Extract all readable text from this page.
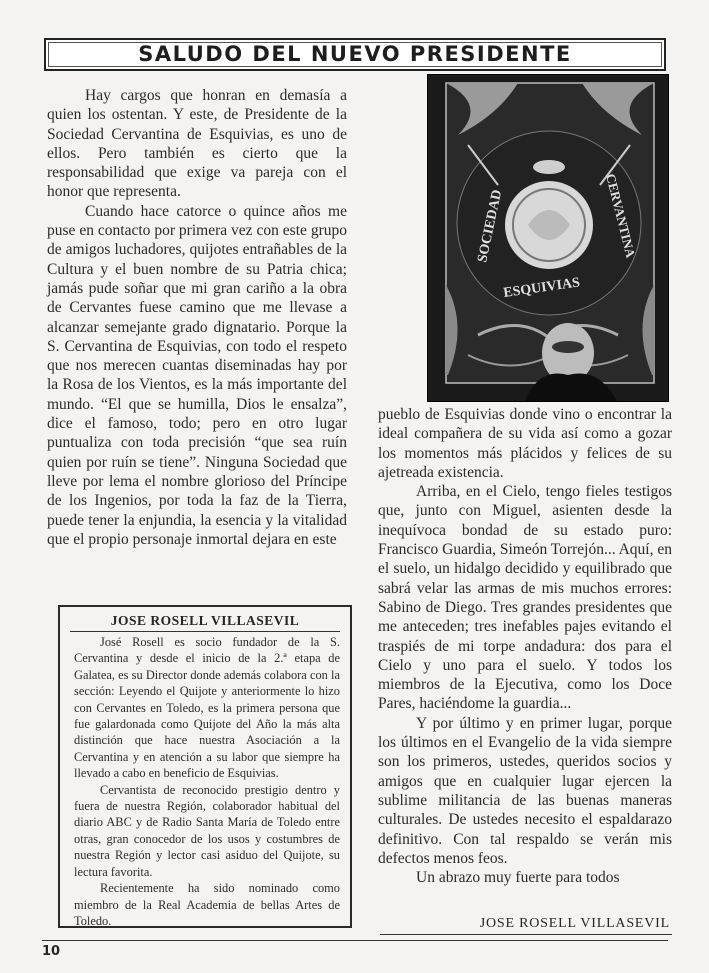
SALUDO DEL NUEVO PRESIDENTE

Hay cargos que honran en demasía a quien los ostentan. Y este, de Presidente de la Sociedad Cervantina de Esquivias, es uno de ellos. Pero también es cierto que la responsabilidad que exige va pareja con el honor que representa.

Cuando hace catorce o quince años me puse en contacto por primera vez con este grupo de amigos luchadores, quijotes entrañables de la Cultura y el buen nombre de su Patria chica; jamás pude soñar que mi gran cariño a la obra de Cervantes fuese camino que me llevase a alcanzar semejante grado dignatario. Porque la S. Cervantina de Esquivias, con todo el respeto que nos merecen cuantas diseminadas hay por la Rosa de los Vientos, es la más importante del mundo. “El que se humilla, Dios le ensalza”, dice el famoso, todo; pero en otro lugar puntualiza con toda precisión “que sea ruín quien por ruín se tiene”. Ninguna Sociedad que lleve por lema el nombre glorioso del Príncipe de los Ingenios, por toda la faz de la Tierra, puede tener la enjundia, la esencia y la vitalidad que el propio personaje inmortal dejara en este

SOCIEDAD	CERVANTINA
ESQUIVIAS

pueblo de Esquivias donde vino o encontrar la ideal compañera de su vida así como a gozar los momentos más plácidos y felices de su ajetreada existencia.

Arriba, en el Cielo, tengo fieles testigos que, junto con Miguel, asienten desde la inequívoca bondad de su estado puro: Francisco Guardia, Simeón Torrejón... Aquí, en el suelo, un hidalgo decidido y equilibrado que sabrá velar las armas de mis muchos errores: Sabino de Diego. Tres grandes presidentes que me anteceden; tres inefables pajes evitando el traspiés de mi torpe andadura: dos para el Cielo y uno para el suelo. Y todos los miembros de la Ejecutiva, como los Doce Pares, haciéndome la guardia...

Y por último y en primer lugar, porque los últimos en el Evangelio de la vida siempre son los primeros, ustedes, queridos socios y amigos que en cualquier lugar ejercen la sublime militancia de las buenas maneras culturales. De ustedes necesito el espaldarazo definitivo. Con tal respaldo se verán mis defectos menos feos.

Un abrazo muy fuerte para todos

JOSE ROSELL VILLASEVIL

José Rosell es socio fundador de la S. Cervantina y desde el inicio de la 2.ª etapa de Galatea, es su Director donde además colabora con la sección: Leyendo el Quijote y anteriormente lo hizo con Cervantes en Toledo, es la primera persona que fue galardonada como Quijote del Año la más alta distinción que hace nuestra Asociación a la Cervantina y en atención a su labor que siempre ha llevado a cabo en beneficio de Esquivias.

Cervantista de reconocido prestigio dentro y fuera de nuestra Región, colaborador habitual del diario ABC y de Radio Santa María de Toledo entre otras, gran conocedor de los usos y costumbres de nuestra Región y lector casi asiduo del Quijote, su lectura favorita.

Recientemente ha sido nominado como miembro de la Real Academia de bellas Artes de Toledo.	JOSE ROSELL VILLASEVIL
10
